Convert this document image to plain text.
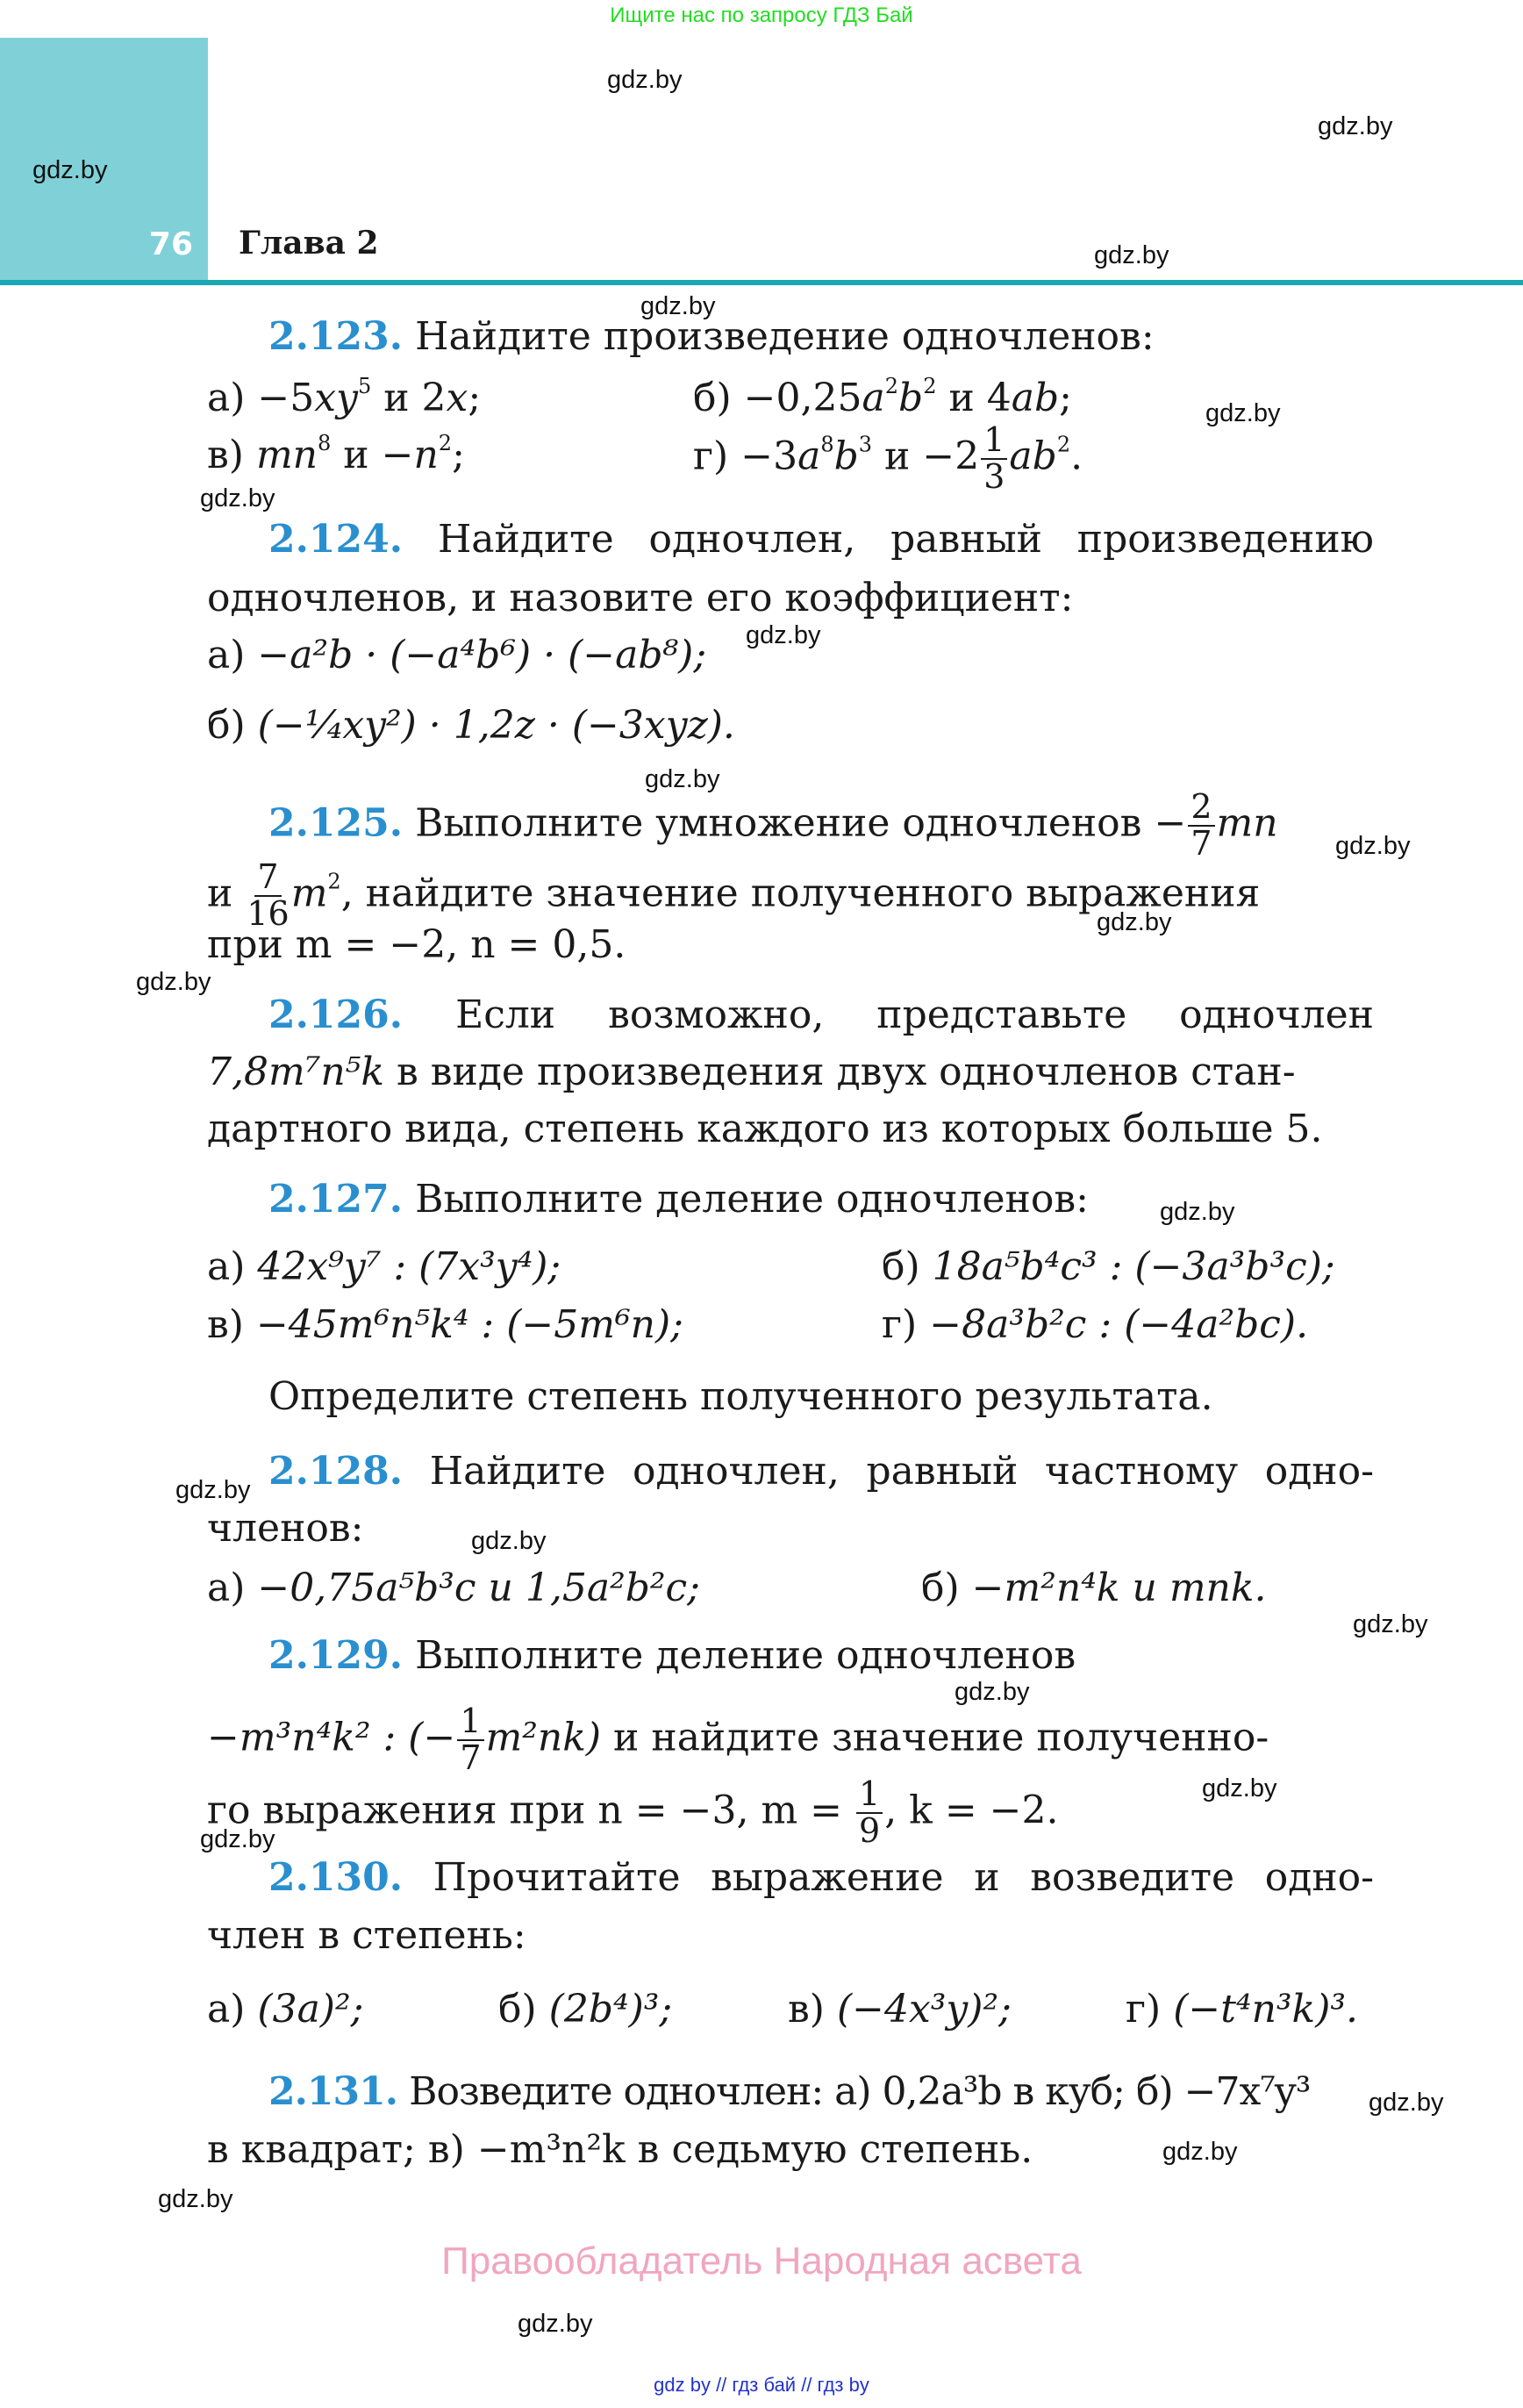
Ищите нас по запросу ГДЗ Бай
76 Глава 2
gdz.by
gdz.by
gdz.by
gdz.by
gdz.by
gdz.by
gdz.by
gdz.by
gdz.by
gdz.by
gdz.by
gdz.by
gdz.by
gdz.by
gdz.by
gdz.by
gdz.by
gdz.by
gdz.by
gdz.by
gdz.by
gdz.by
gdz.by
2.123. Найдите произведение одночленов:
$а) -5xy^5$ и 2x;	$б) -0,25a^2b^2$ и 4ab;
в) $mn^8$ $и -n^2$;	$г) -3a^8b^3$ $и -2 \frac{1}{3} ab^2$.
2.124. Найдите одночлен, равный произведению
одночленов, и назовите его коэффициент:
а) −a²b · (−a⁴b⁶) · (−ab⁸);
б) (−¹⁄₄xy²) · 1,2z · (−3xyz).
2.125. Выполните умножение одночленов − $\frac{2}{7}$ mn
и $\frac{7}{16} m^2$, найдите значение полученного выражения
при m = −2, n = 0,5.
2.126. Если возможно, представьте одночлен
7,8m⁷n⁵k в виде произведения двух одночленов стан-
дартного вида, степень каждого из которых больше 5.
2.127. Выполните деление одночленов:
а) 42x⁹y⁷ : (7x³y⁴);	б) 18a⁵b⁴c³ : (−3a³b³c);
в) −45m⁶n⁵k⁴ : (−5m⁶n);	г) −8a³b²c : (−4a²bc).
Определите степень полученного результата.
2.128. Найдите одночлен, равный частному одно-
членов:
а) −0,75a⁵b³c и 1,5a²b²c;	б) −m²n⁴k и mnk.
2.129. Выполните деление одночленов
−m³n⁴k² : (− $\frac{1}{7} m^2nk$) и найдите значение полученно-
го выражения при n = −3, $m = \frac{1}{9}$ , k = −2.
2.130. Прочитайте выражение и возведите одно-
член в степень:
а) (3a)²;	б) (2b⁴)³;	в) (−4x³y)²;	г) (−t⁴n³k)³.
2.131. Возведите одночлен: а) 0,2a³b в куб; б) −7x⁷y³
в квадрат; в) −m³n²k в седьмую степень.
Правообладатель Народная асвета
gdz by // гдз бай // гдз by
